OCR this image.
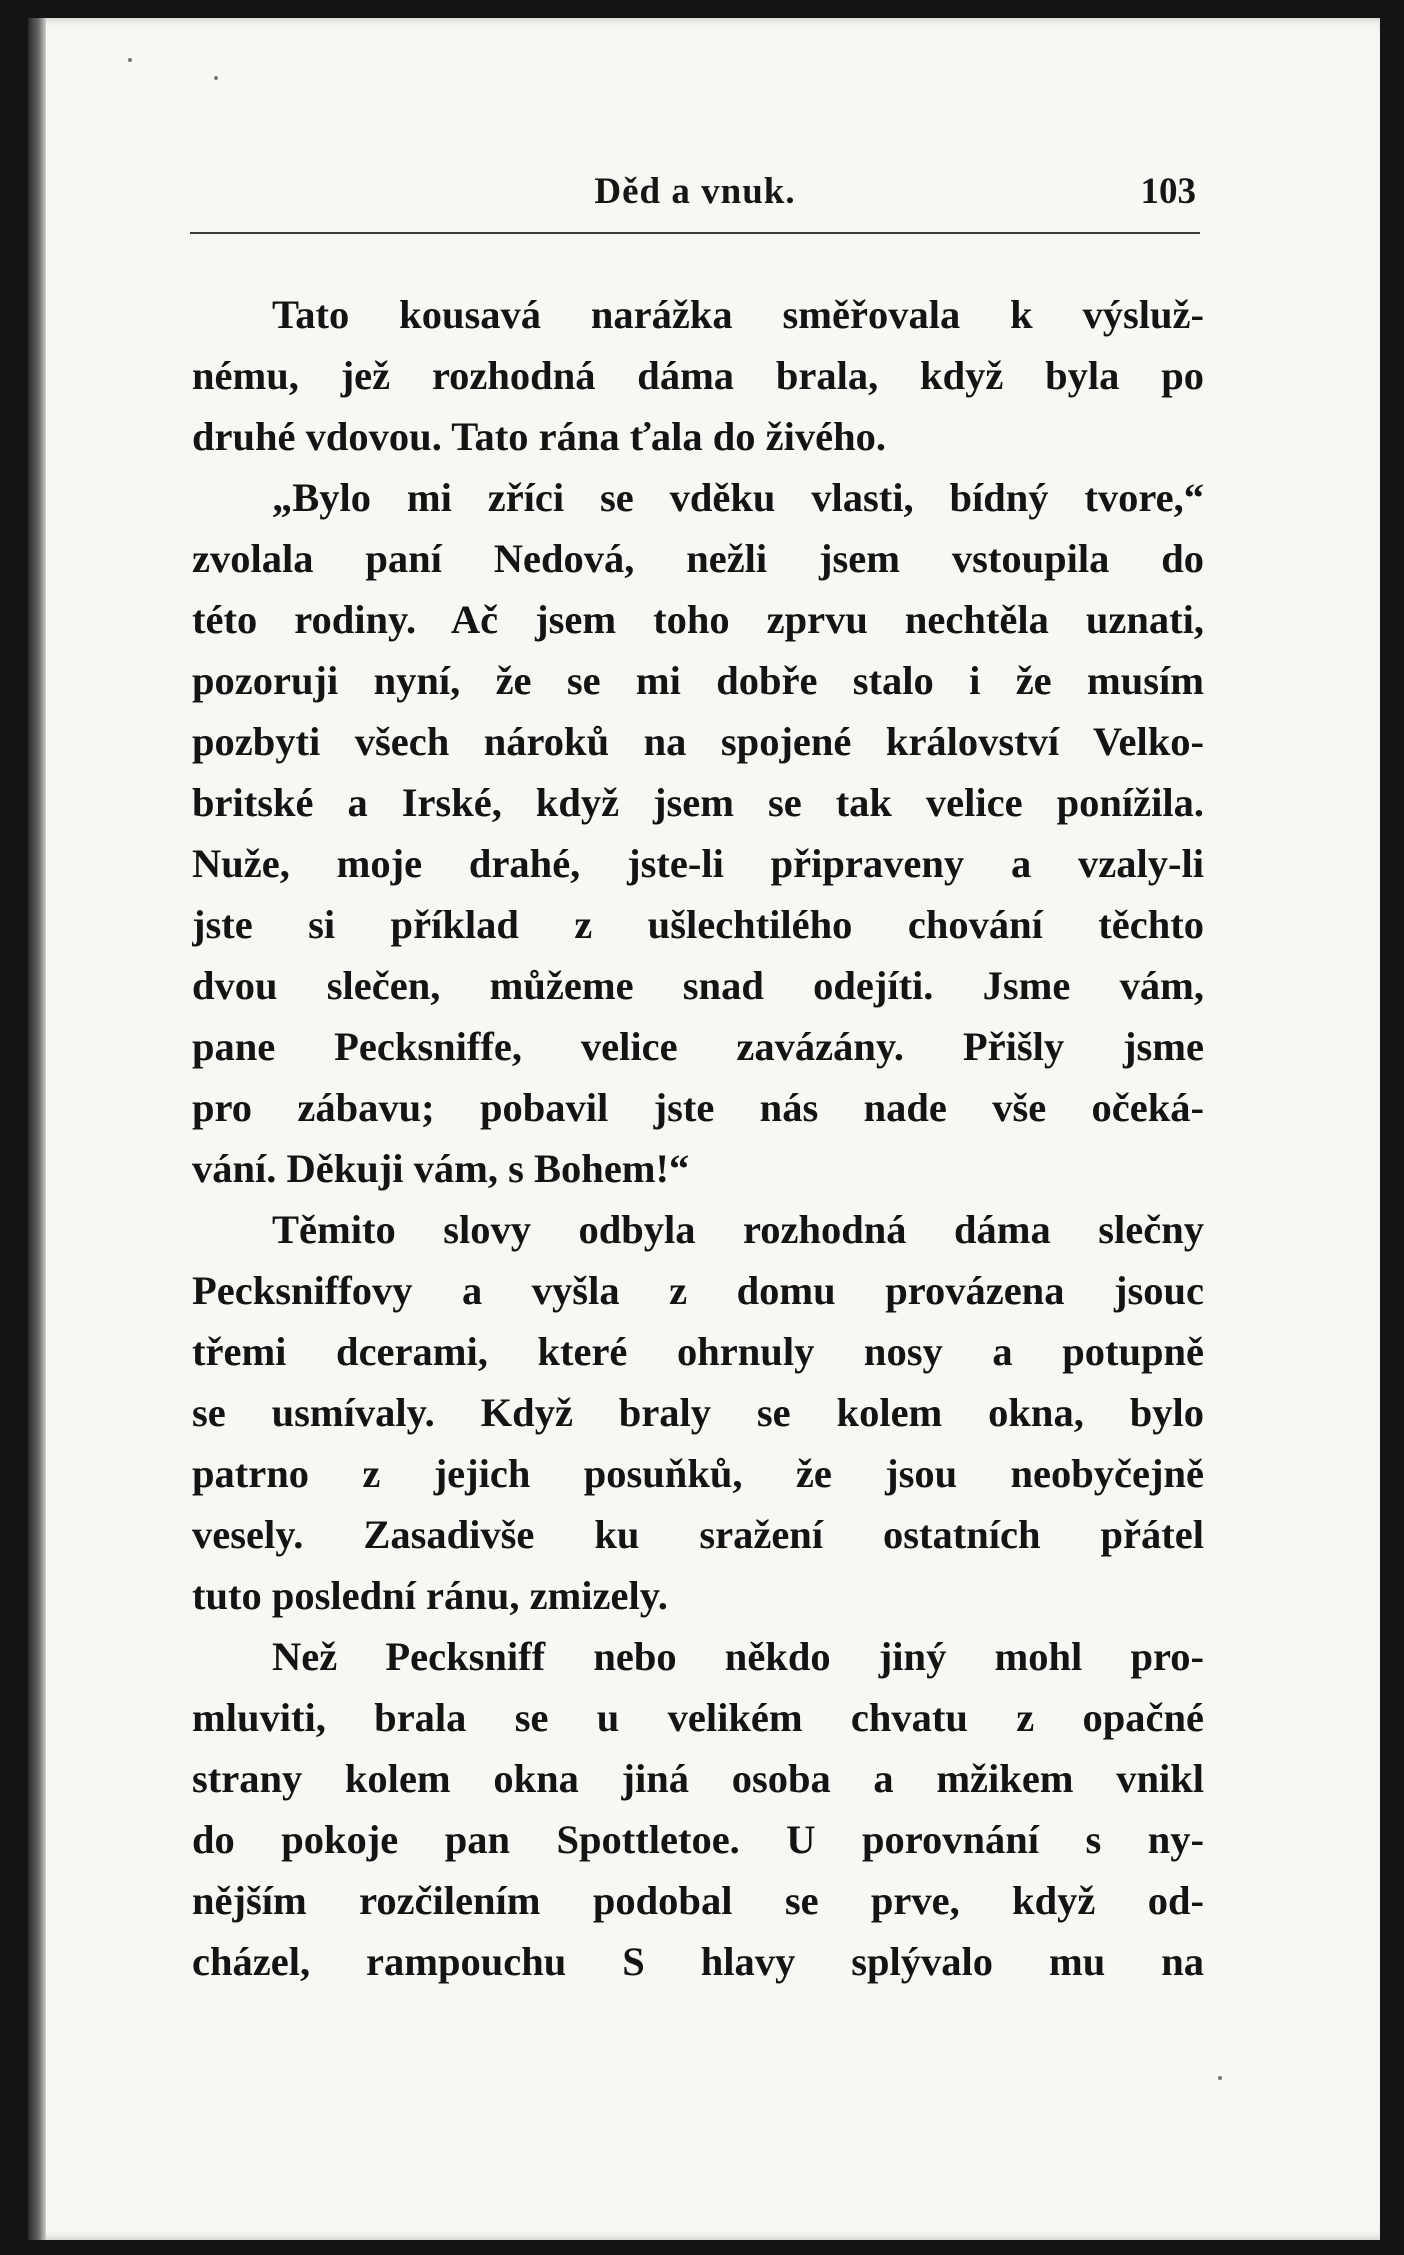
Děd a vnuk.	103
Tato kousavá narážka směřovala k výsluž-
nému, jež rozhodná dáma brala, když byla po
druhé vdovou. Tato rána ťala do živého.
„Bylo mi zříci se vděku vlasti, bídný tvore,“
zvolala paní Nedová, nežli jsem vstoupila do
této rodiny. Ač jsem toho zprvu nechtěla uznati,
pozoruji nyní, že se mi dobře stalo i že musím
pozbyti všech nároků na spojené království Velko-
britské a Irské, když jsem se tak velice ponížila.
Nuže, moje drahé, jste-li připraveny a vzaly-li
jste si příklad z ušlechtilého chování těchto
dvou slečen, můžeme snad odejíti. Jsme vám,
pane Pecksniffe, velice zavázány. Přišly jsme
pro zábavu; pobavil jste nás nade vše očeká-
vání. Děkuji vám, s Bohem!“
Těmito slovy odbyla rozhodná dáma slečny
Pecksniffovy a vyšla z domu provázena jsouc
třemi dcerami, které ohrnuly nosy a potupně
se usmívaly. Když braly se kolem okna, bylo
patrno z jejich posuňků, že jsou neobyčejně
vesely. Zasadivše ku sražení ostatních přátel
tuto poslední ránu, zmizely.
Než Pecksniff nebo někdo jiný mohl pro-
mluviti, brala se u velikém chvatu z opačné
strany kolem okna jiná osoba a mžikem vnikl
do pokoje pan Spottletoe. U porovnání s ny-
nějším rozčilením podobal se prve, když od-
cházel, rampouchu S hlavy splývalo mu na
